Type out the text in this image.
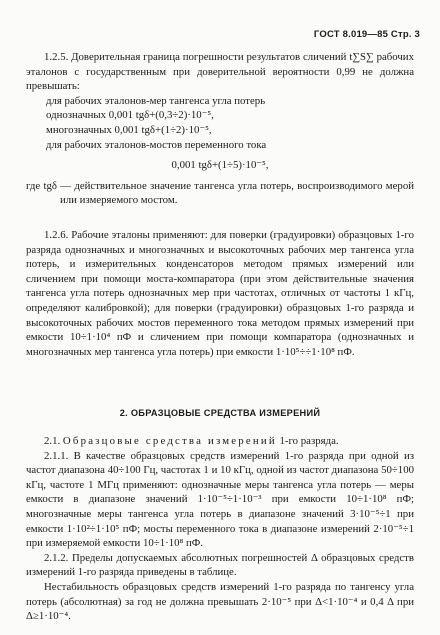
ГОСТ 8.019—85 Стр. 3

1.2.5. Доверительная граница погрешности результатов сличений t∑S∑ рабочих эталонов с государственным при доверительной вероятности 0,99 не должна превышать:

для рабочих эталонов-мер тангенса угла потерь

однозначных 0,001 tgδ+(0,3÷2)·10⁻⁵,

многозначных 0,001 tgδ+(1÷2)·10⁻⁵,

для рабочих эталонов-мостов переменного тока

0,001 tgδ+(1÷5)·10⁻⁵,

где tgδ — действительное значение тангенса угла потерь, воспроизводимого мерой или измеряемого мостом.

1.2.6. Рабочие эталоны применяют: для поверки (градуировки) образцовых 1-го разряда однозначных и многозначных и высокоточных рабочих мер тангенса угла потерь, и измерительных конденсаторов методом прямых измерений или сличением при помощи моста-компаратора (при этом действительные значения тангенса угла потерь однозначных мер при частотах, отличных от частоты 1 кГц, определяют калибровкой); для поверки (градуировки) образцовых 1-го разряда и высокоточных рабочих мостов переменного тока методом прямых измерений при емкости 10÷1·10⁴ пФ и сличением при помощи компаратора (однозначных и многозначных мер тангенса угла потерь) при емкости 1·10⁵÷÷1·10⁸ пФ.

2. ОБРАЗЦОВЫЕ СРЕДСТВА ИЗМЕРЕНИЙ

2.1. Образцовые средства измерений 1-го разряда.

2.1.1. В качестве образцовых средств измерений 1-го разряда при одной из частот диапазона 40÷100 Гц, частотах 1 и 10 кГц, одной из частот диапазона 50÷100 кГц, частоте 1 МГц применяют: однозначные меры тангенса угла потерь — меры емкости в диапазоне значений 1·10⁻⁵÷1·10⁻³ при емкости 10÷1·10⁸ пФ; многозначные меры тангенса угла потерь в диапазоне значений 3·10⁻⁵÷1 при емкости 1·10²÷1·10⁵ пФ; мосты переменного тока в диапазоне измерений 2·10⁻⁵÷1 при измеряемой емкости 10÷1·10⁸ пФ.

2.1.2. Пределы допускаемых абсолютных погрешностей Δ образцовых средств измерений 1-го разряда приведены в таблице.

Нестабильность образцовых средств измерений 1-го разряда по тангенсу угла потерь (абсолютная) за год не должна превышать 2·10⁻⁵ при Δ<1·10⁻⁴ и 0,4 Δ при Δ≥1·10⁻⁴.
